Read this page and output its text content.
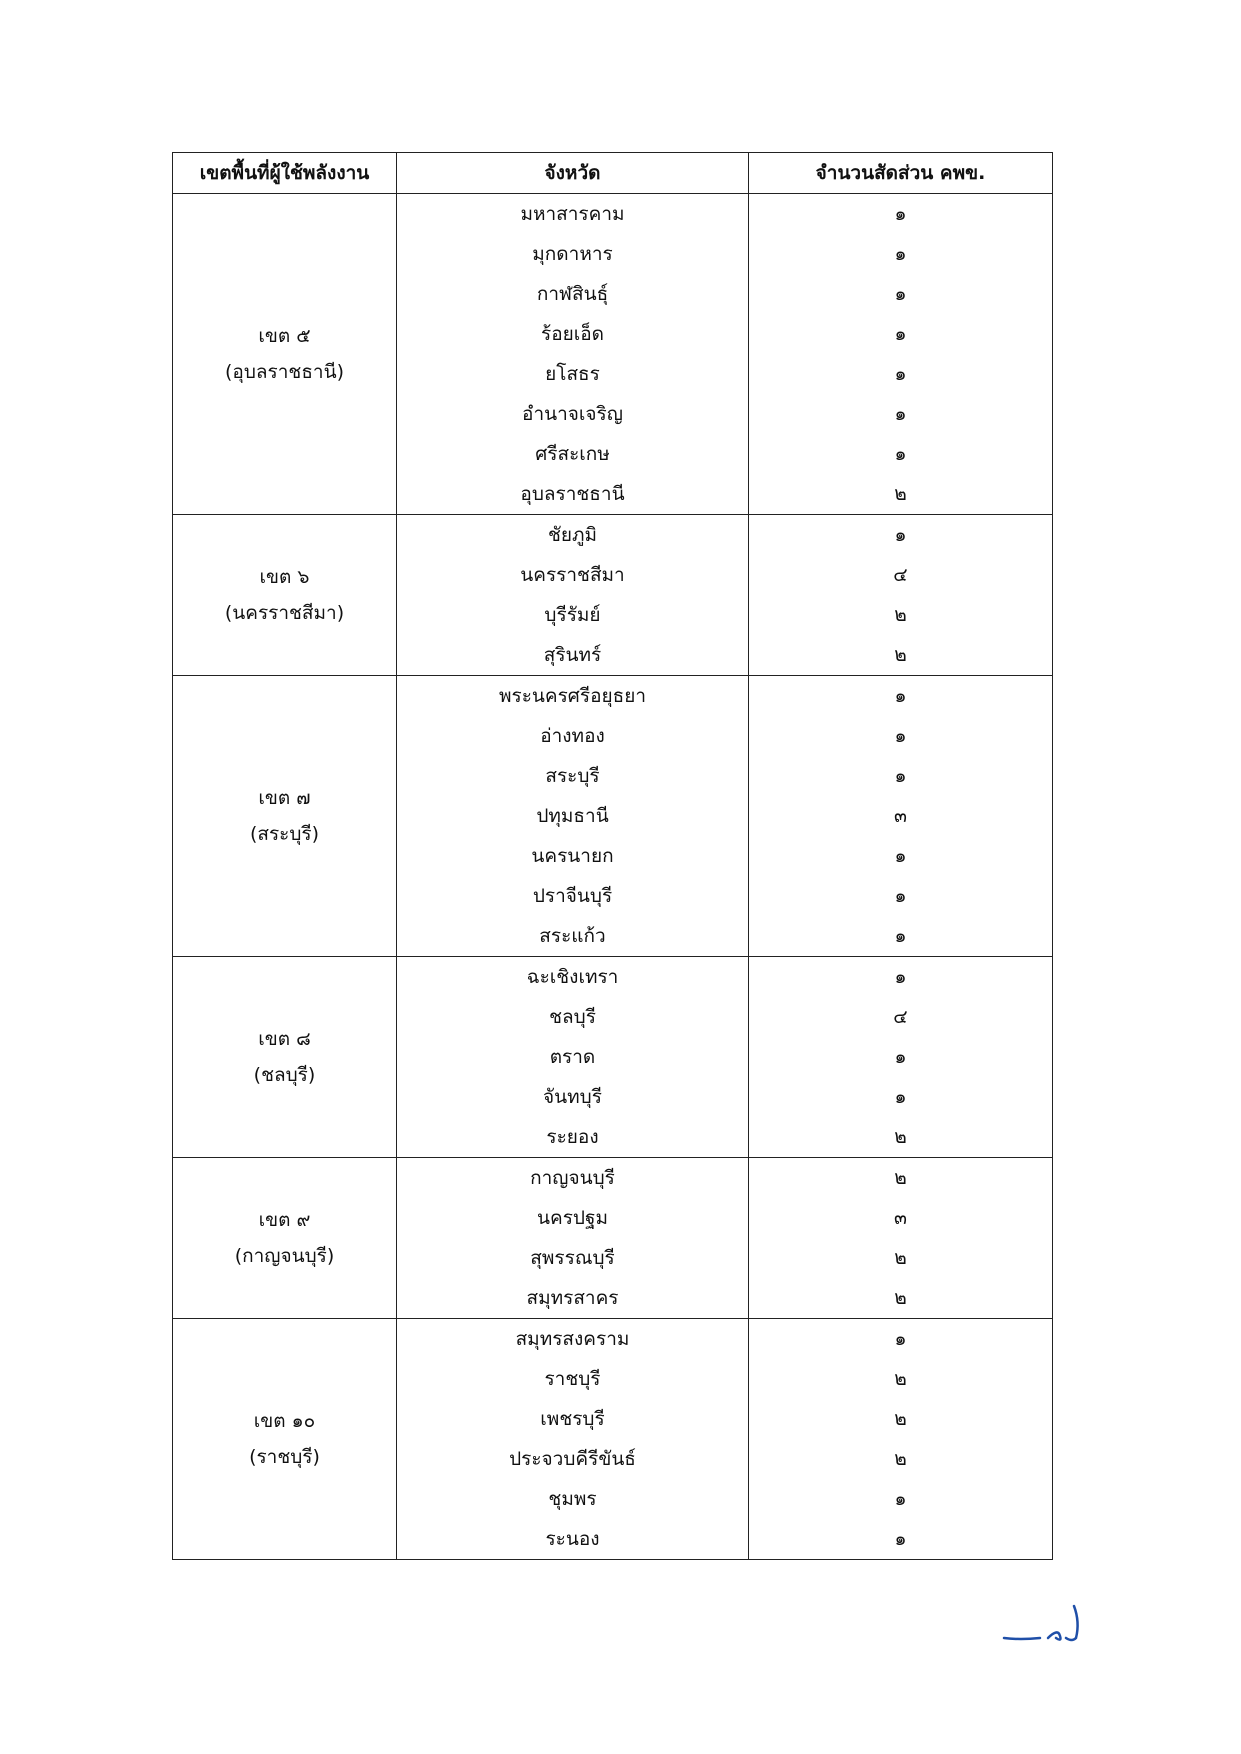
เขตพื้นที่ผู้ใช้พลังงาน	จังหวัด	จำนวนสัดส่วน คพข.

เขต ๕
(อุบลราชธานี)	มหาสารคาม	๑
	มุกดาหาร	๑
	กาฬสินธุ์	๑
	ร้อยเอ็ด	๑
	ยโสธร	๑
	อำนาจเจริญ	๑
	ศรีสะเกษ	๑
	อุบลราชธานี	๒

เขต ๖
(นครราชสีมา)	ชัยภูมิ	๑
	นครราชสีมา	๔
	บุรีรัมย์	๒
	สุรินทร์	๒

เขต ๗
(สระบุรี)	พระนครศรีอยุธยา	๑
	อ่างทอง	๑
	สระบุรี	๑
	ปทุมธานี	๓
	นครนายก	๑
	ปราจีนบุรี	๑
	สระแก้ว	๑

เขต ๘
(ชลบุรี)	ฉะเชิงเทรา	๑
	ชลบุรี	๔
	ตราด	๑
	จันทบุรี	๑
	ระยอง	๒

เขต ๙
(กาญจนบุรี)	กาญจนบุรี	๒
	นครปฐม	๓
	สุพรรณบุรี	๒
	สมุทรสาคร	๒

เขต ๑๐
(ราชบุรี)	สมุทรสงคราม	๑
	ราชบุรี	๒
	เพชรบุรี	๒
	ประจวบคีรีขันธ์	๒
	ชุมพร	๑
	ระนอง	๑
